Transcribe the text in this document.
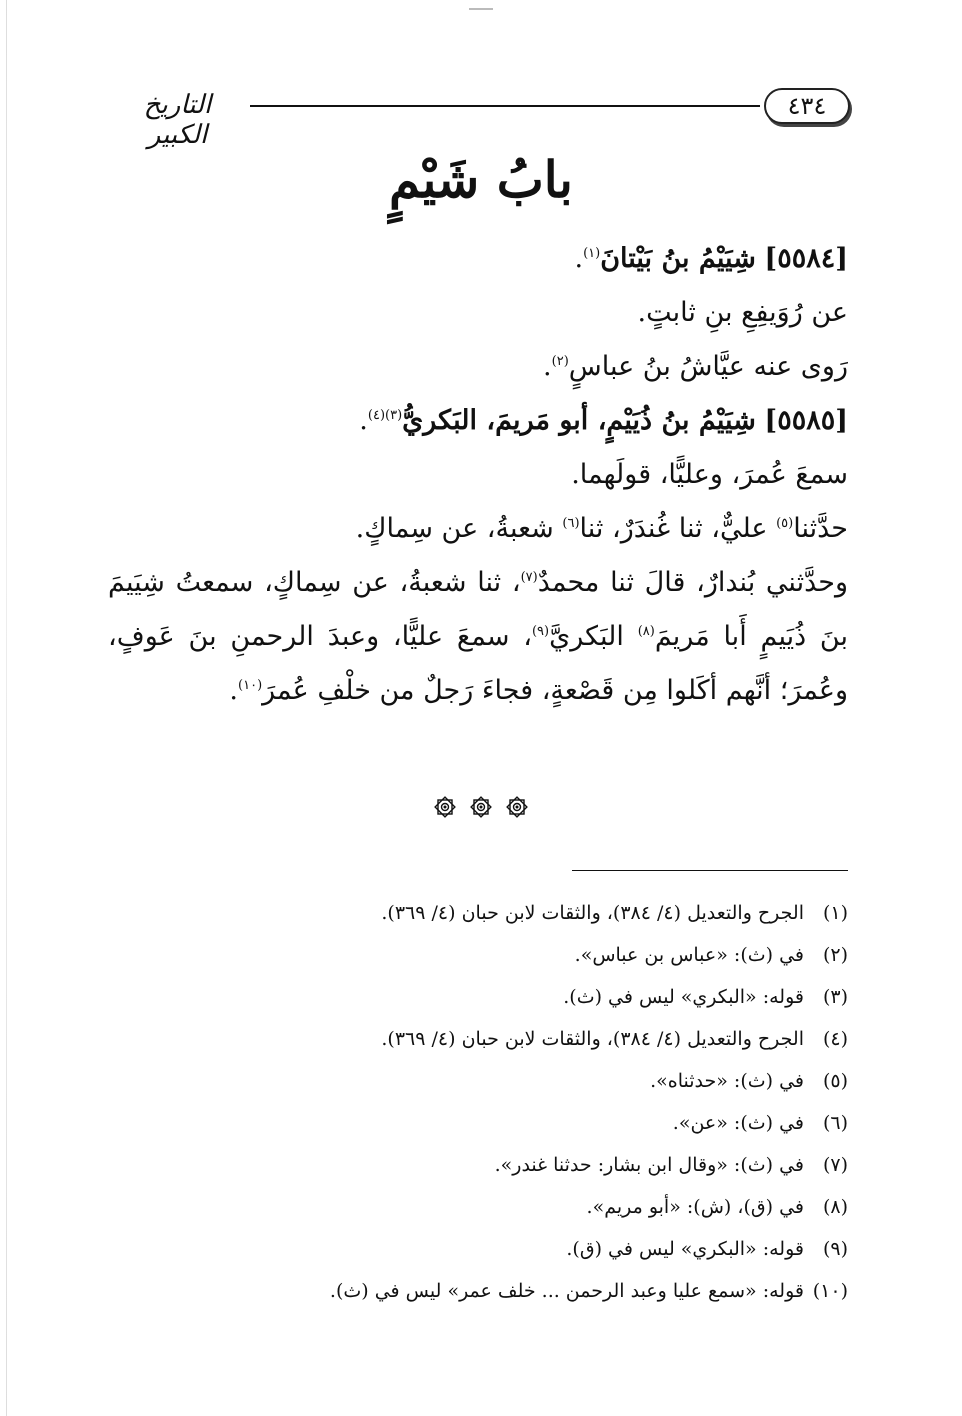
التاريخ الكبير
٤٣٤
بابُ شَيْمٍ

[٥٥٨٤] شِيَيْمُ بنُ بَيْتانَ$^{(١)}$.

عن رُوَيفِعِ بنِ ثابتٍ.

رَوى عنه عيَّاشُ بنُ عباسٍ$^{(٢)}$.

[٥٥٨٥] شِيَيْمُ بنُ ذُيَيْمٍ، أبو مَريمَ، البَكريُّ$^{(٣)(٤)}$.

سمعَ عُمرَ، وعليًّا، قولَهما.

حدَّثنا$^{(٥)}$ عليٌّ، ثنا غُندَرٌ، ثنا$^{(٦)}$ شعبةُ، عن سِماكٍ.

وحدَّثني بُندارٌ، قالَ ثنا محمدٌ$^{(٧)}$، ثنا شعبةُ، عن سِماكٍ، سمعتُ شِيَيمَ بنَ ذُيَيمٍ أَبا مَريمَ$^{(٨)}$ البَكريَّ$^{(٩)}$، سمعَ عليًّا، وعبدَ الرحمنِ بنَ عَوفٍ، وعُمرَ؛ أنَّهم أكَلوا مِن قَصْعةٍ، فجاءَ رَجلٌ من خلْفِ عُمرَ$^{(١٠)}$.

(١)
الجرح والتعديل (٤/ ٣٨٤)، والثقات لابن حبان (٤/ ٣٦٩).
(٢)
في (ث): «عباس بن عباس».
(٣)
قوله: «البكري» ليس في (ث).
(٤)
الجرح والتعديل (٤/ ٣٨٤)، والثقات لابن حبان (٤/ ٣٦٩).
(٥)
في (ث): «حدثناه».
(٦)
في (ث): «عن».
(٧)
في (ث): «وقال ابن بشار: حدثنا غندر».
(٨)
في (ق)، (ش): «أبو مريم».
(٩)
قوله: «البكري» ليس في (ق).
(١٠)
قوله: «سمع عليا وعبد الرحمن ... خلف عمر» ليس في (ث).
